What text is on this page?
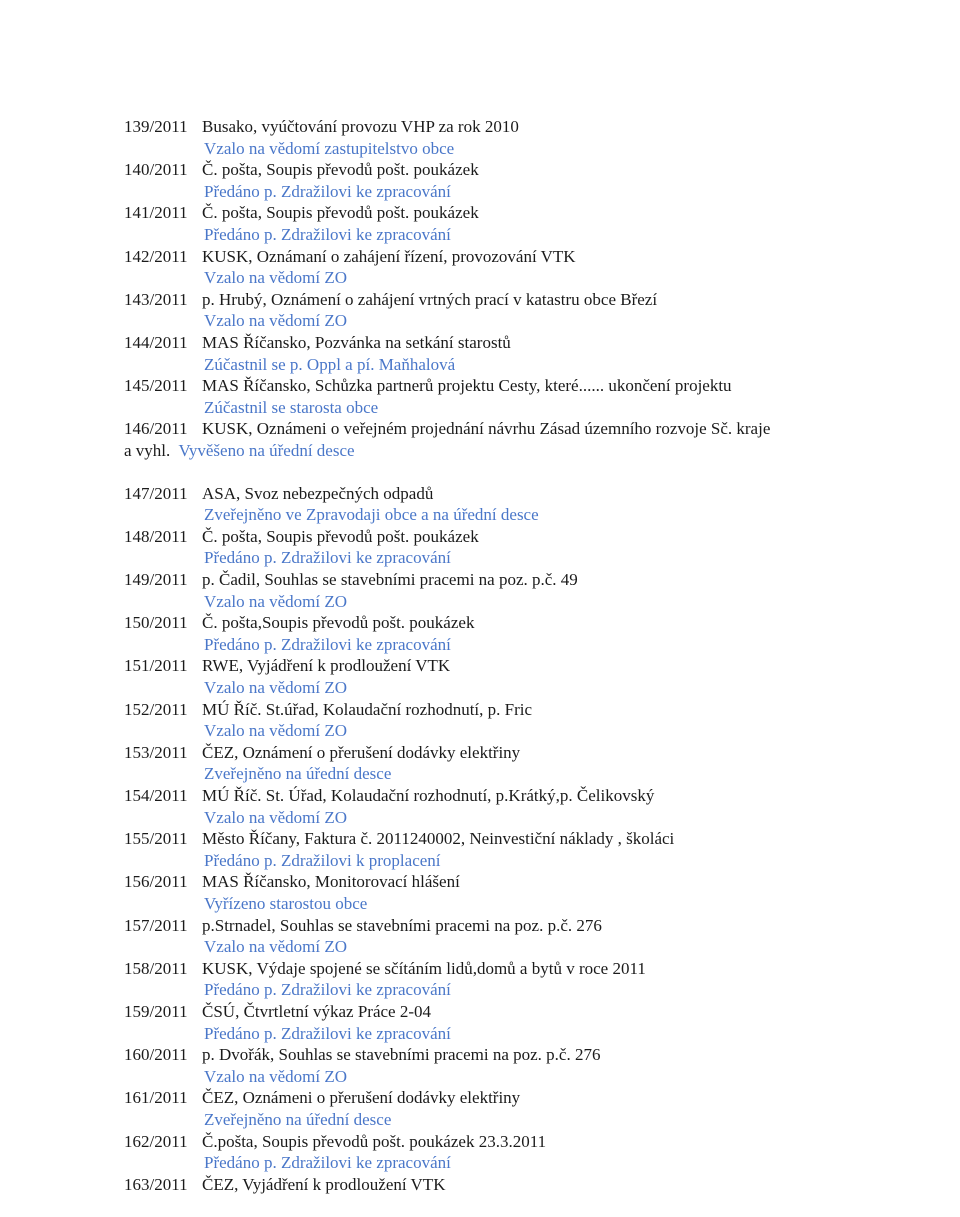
139/2011 Busako, vyúčtování provozu VHP za rok 2010
Vzalo na vědomí zastupitelstvo obce
140/2011 Č. pošta, Soupis převodů pošt. poukázek
Předáno p. Zdražilovi ke zpracování
141/2011 Č. pošta, Soupis převodů pošt. poukázek
Předáno p. Zdražilovi ke zpracování
142/2011 KUSK, Oznámaní o zahájení řízení, provozování VTK
Vzalo na vědomí ZO
143/2011 p. Hrubý, Oznámení o zahájení vrtných prací v katastru obce Březí
Vzalo na vědomí ZO
144/2011 MAS Říčansko, Pozvánka na setkání starostů
Zúčastnil se p. Oppl a pí. Maňhalová
145/2011 MAS Říčansko, Schůzka partnerů projektu Cesty, které...... ukončení projektu
Zúčastnil se starosta obce
146/2011 KUSK, Oznámeni o veřejném projednání návrhu Zásad územního rozvoje Sč. kraje
a vyhl. Vyvěšeno na úřední desce
147/2011 ASA, Svoz nebezpečných odpadů
Zveřejněno ve Zpravodaji obce a na úřední desce
148/2011 Č. pošta, Soupis převodů pošt. poukázek
Předáno p. Zdražilovi ke zpracování
149/2011 p. Čadil, Souhlas se stavebními pracemi na poz. p.č. 49
Vzalo na vědomí ZO
150/2011 Č. pošta,Soupis převodů pošt. poukázek
Předáno p. Zdražilovi ke zpracování
151/2011 RWE, Vyjádření k prodloužení VTK
Vzalo na vědomí ZO
152/2011 MÚ Říč. St.úřad, Kolaudační rozhodnutí, p. Fric
Vzalo na vědomí ZO
153/2011 ČEZ, Oznámení o přerušení dodávky elektřiny
Zveřejněno na úřední desce
154/2011 MÚ Říč. St. Úřad, Kolaudační rozhodnutí, p.Krátký,p. Čelikovský
Vzalo na vědomí ZO
155/2011 Město Říčany, Faktura č. 2011240002, Neinvestiční náklady , školáci
Předáno p. Zdražilovi k proplacení
156/2011 MAS Říčansko, Monitorovací hlášení
Vyřízeno starostou obce
157/2011 p.Strnadel, Souhlas se stavebními pracemi na poz. p.č. 276
Vzalo na vědomí ZO
158/2011 KUSK, Výdaje spojené se sčítáním lidů,domů a bytů v roce 2011
Předáno p. Zdražilovi ke zpracování
159/2011 ČSÚ, Čtvrtletní výkaz Práce 2-04
Předáno p. Zdražilovi ke zpracování
160/2011 p. Dvořák, Souhlas se stavebními pracemi na poz. p.č. 276
Vzalo na vědomí ZO
161/2011 ČEZ, Oznámeni o přerušení dodávky elektřiny
Zveřejněno na úřední desce
162/2011 Č.pošta, Soupis převodů pošt. poukázek 23.3.2011
Předáno p. Zdražilovi ke zpracování
163/2011 ČEZ, Vyjádření k prodloužení VTK
